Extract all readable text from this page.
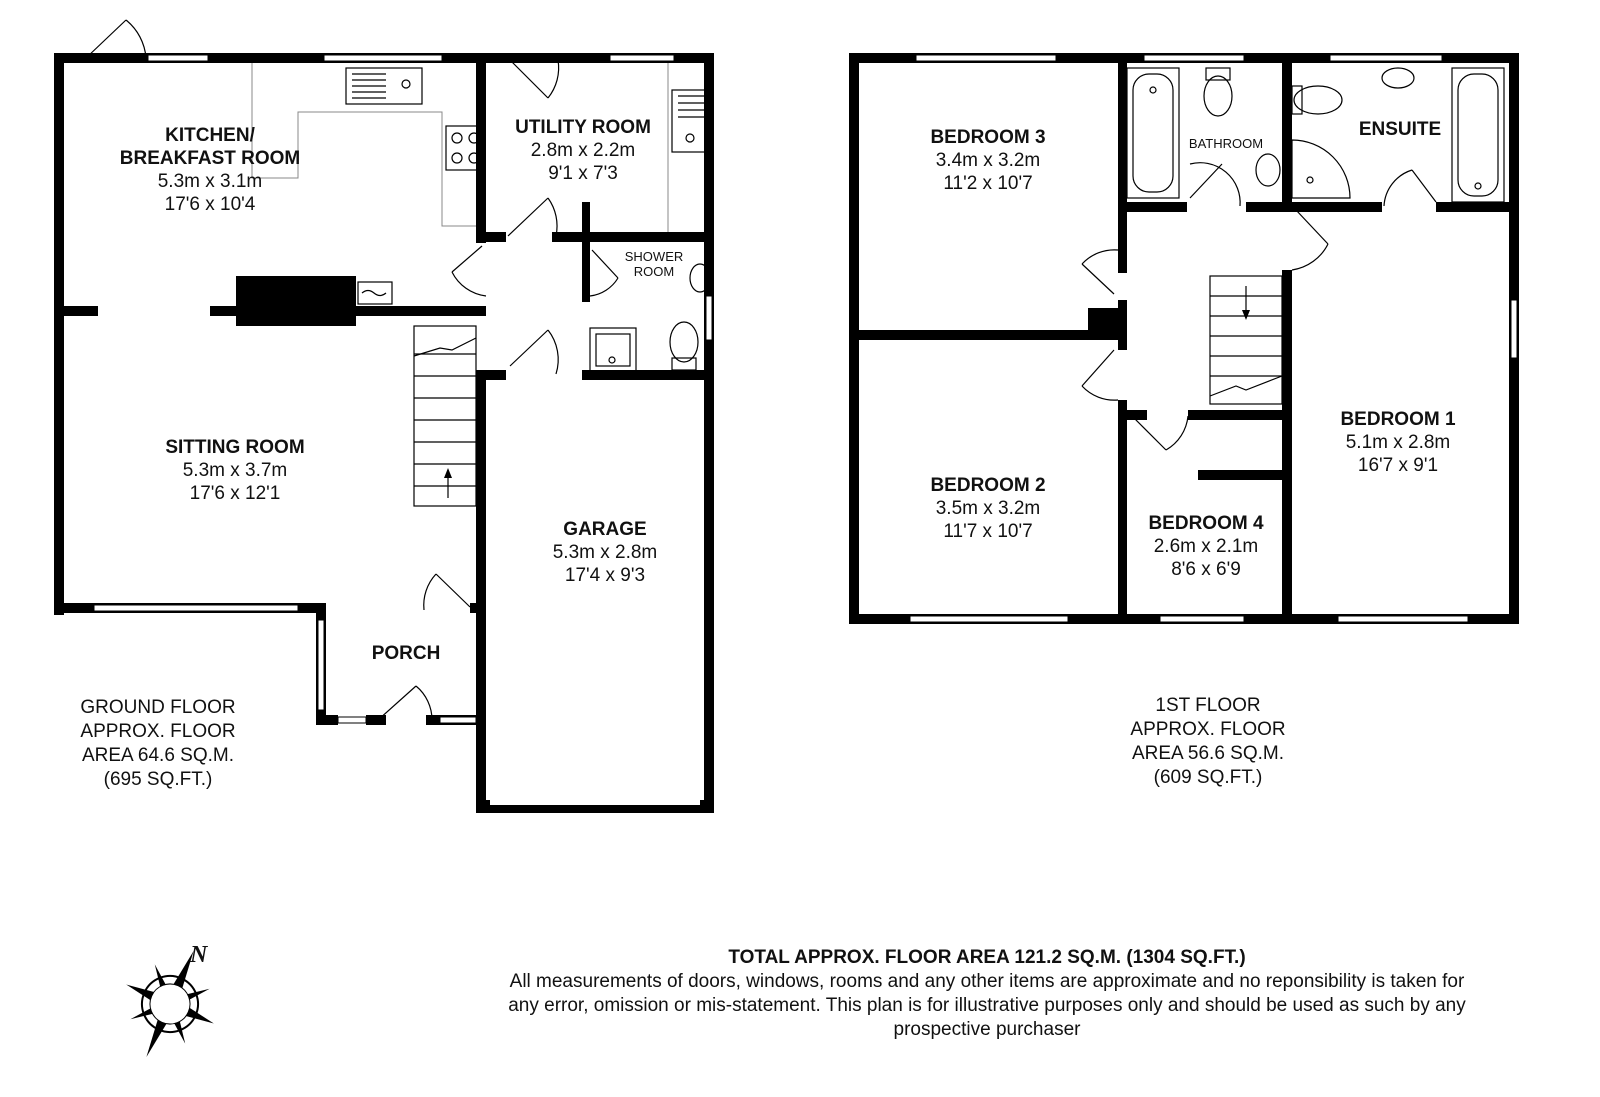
KITCHEN/
BREAKFAST ROOM
5.3m x 3.1m
17'6 x 10'4
UTILITY ROOM
2.8m x 2.2m
9'1 x 7'3
SHOWER
ROOM
SITTING ROOM
5.3m x 3.7m
17'6 x 12'1
GARAGE
5.3m x 2.8m
17'4 x 9'3
PORCH
GROUND FLOOR
APPROX. FLOOR
AREA 64.6 SQ.M.
(695 SQ.FT.)
BEDROOM 3
3.4m x 3.2m
11'2 x 10'7
BATHROOM
ENSUITE
BEDROOM 1
5.1m x 2.8m
16'7 x 9'1
BEDROOM 2
3.5m x 3.2m
11'7 x 10'7	BEDROOM 4
2.6m x 2.1m
8'6 x 6'9
1ST FLOOR
APPROX. FLOOR
AREA 56.6 SQ.M.
(609 SQ.FT.)
N	TOTAL APPROX. FLOOR AREA 121.2 SQ.M. (1304 SQ.FT.)
All measurements of doors, windows, rooms and any other items are approximate and no reponsibility is taken for any error, omission or mis-statement. This plan is for illustrative purposes only and should be used as such by any prospective purchaser
